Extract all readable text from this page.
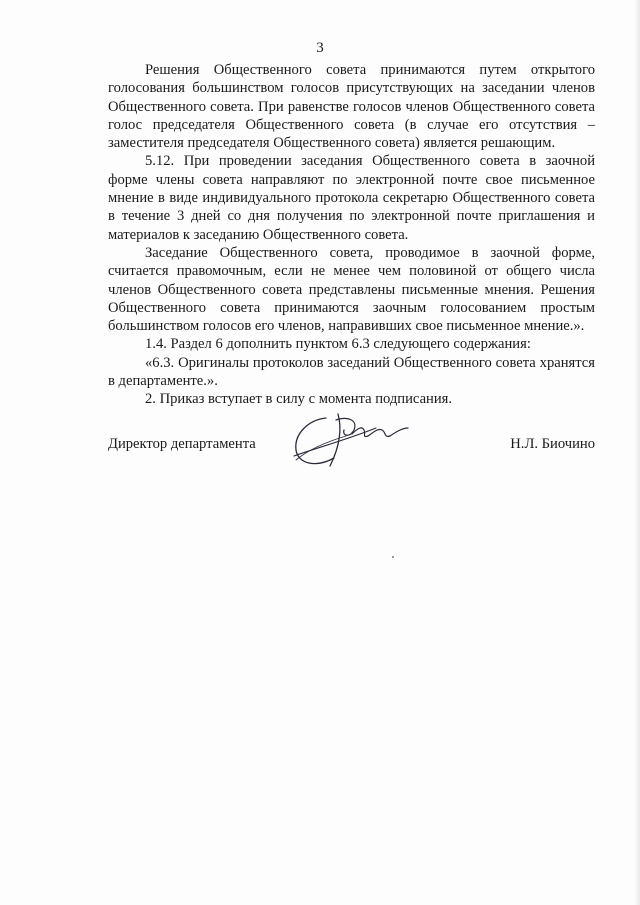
3

Решения Общественного совета принимаются путем открытого голосования большинством голосов присутствующих на заседании членов Общественного совета. При равенстве голосов членов Общественного совета голос председателя Общественного совета (в случае его отсутствия – заместителя председателя Общественного совета) является решающим.

5.12. При проведении заседания Общественного совета в заочной форме члены совета направляют по электронной почте свое письменное мнение в виде индивидуального протокола секретарю Общественного совета в течение 3 дней со дня получения по электронной почте приглашения и материалов к заседанию Общественного совета.

Заседание Общественного совета, проводимое в заочной форме, считается правомочным, если не менее чем половиной от общего числа членов Общественного совета представлены письменные мнения. Решения Общественного совета принимаются заочным голосованием простым большинством голосов его членов, направивших свое письменное мнение.».

1.4. Раздел 6 дополнить пунктом 6.3 следующего содержания:

«6.3. Оригиналы протоколов заседаний Общественного совета хранятся в департаменте.».

2. Приказ вступает в силу с момента подписания.

Директор департамента	Н.Л. Биочино
